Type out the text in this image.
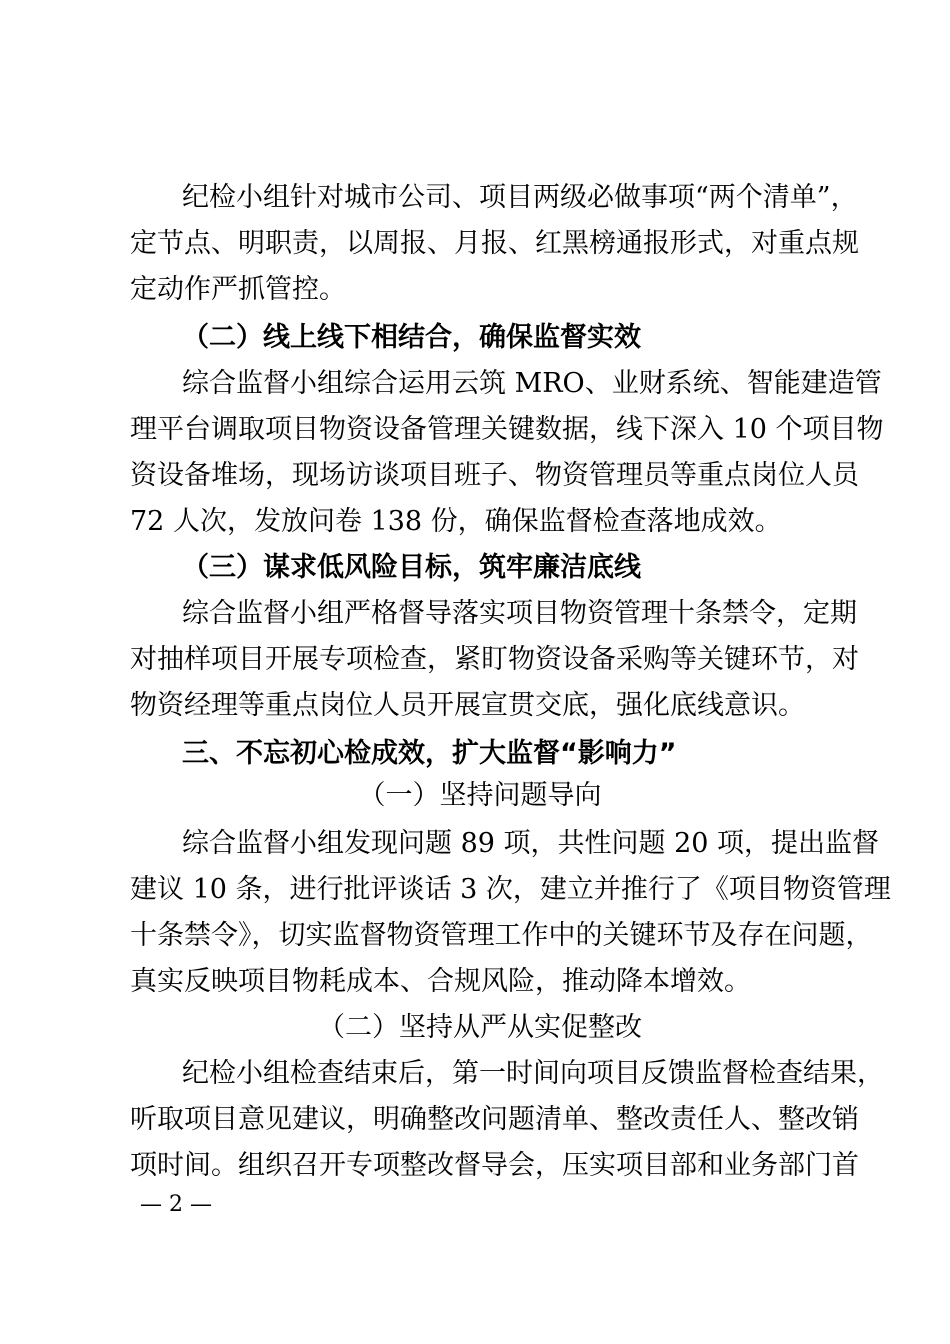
纪检小组针对城市公司、项目两级必做事项“两个清单”，
定节点、明职责，以周报、月报、红黑榜通报形式，对重点规
定动作严抓管控。
（二）线上线下相结合，确保监督实效
综合监督小组综合运用云筑 MRO、业财系统、智能建造管
理平台调取项目物资设备管理关键数据，线下深入 10 个项目物
资设备堆场，现场访谈项目班子、物资管理员等重点岗位人员
72 人次，发放问卷 138 份，确保监督检查落地成效。
（三）谋求低风险目标，筑牢廉洁底线
综合监督小组严格督导落实项目物资管理十条禁令，定期
对抽样项目开展专项检查，紧盯物资设备采购等关键环节，对
物资经理等重点岗位人员开展宣贯交底，强化底线意识。
三、不忘初心检成效，扩大监督“影响力”
（一）坚持问题导向
综合监督小组发现问题 89 项，共性问题 20 项，提出监督
建议 10 条，进行批评谈话 3 次，建立并推行了《项目物资管理
十条禁令》，切实监督物资管理工作中的关键环节及存在问题，
真实反映项目物耗成本、合规风险，推动降本增效。
（二）坚持从严从实促整改
纪检小组检查结束后，第一时间向项目反馈监督检查结果，
听取项目意见建议，明确整改问题清单、整改责任人、整改销
项时间。组织召开专项整改督导会，压实项目部和业务部门首
— 2 —
